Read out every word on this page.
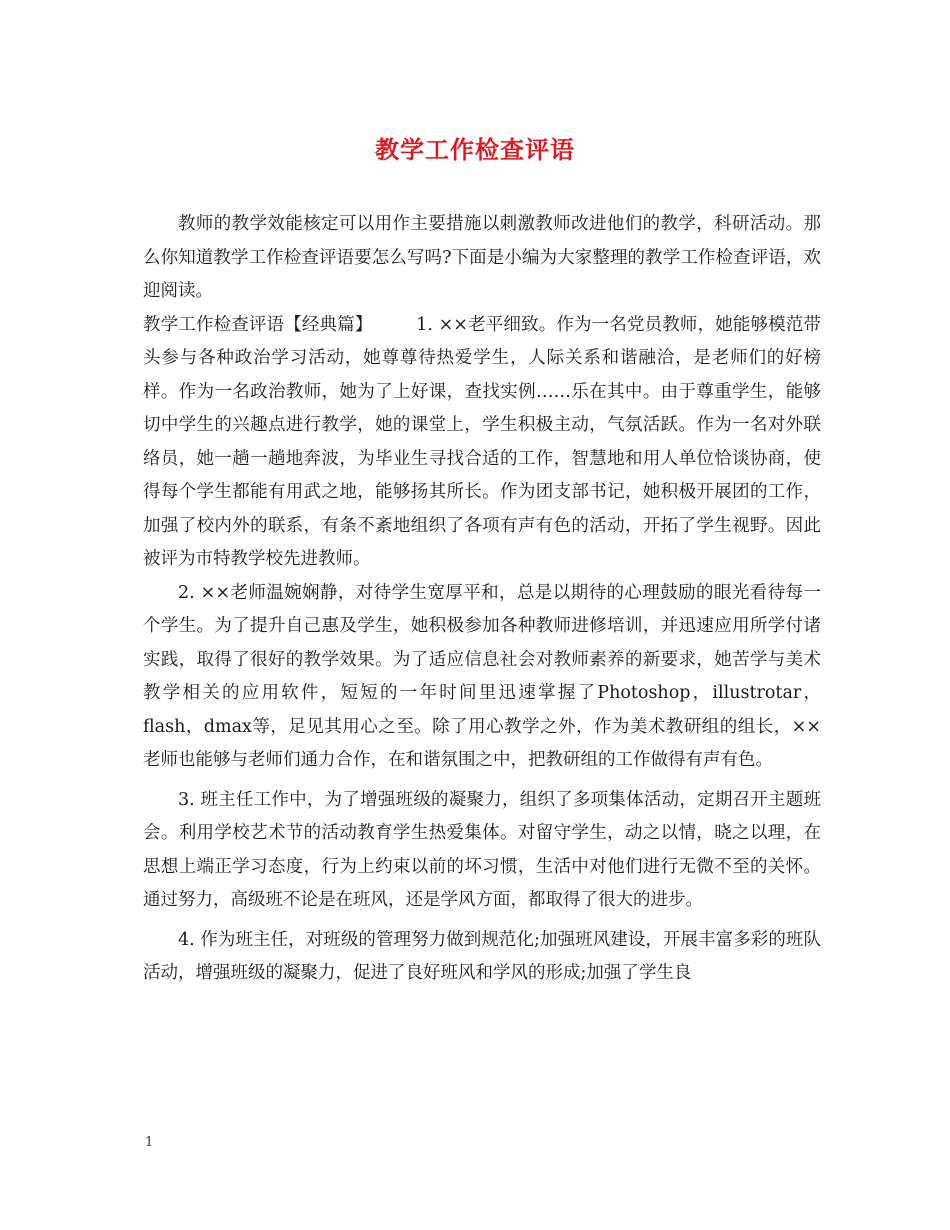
教学工作检查评语

教师的教学效能核定可以用作主要措施以刺激教师改进他们的教学，科研活动。那么你知道教学工作检查评语要怎么写吗?下面是小编为大家整理的教学工作检查评语，欢迎阅读。

教学工作检查评语【经典篇】	1. ××老平细致。作为一名党员教师，她能够模范带头参与各种政治学习活动，她尊尊待热爱学生，人际关系和谐融洽，是老师们的好榜样。作为一名政治教师，她为了上好课，查找实例……乐在其中。由于尊重学生，能够切中学生的兴趣点进行教学，她的课堂上，学生积极主动，气氛活跃。作为一名对外联络员，她一趟一趟地奔波，为毕业生寻找合适的工作，智慧地和用人单位恰谈协商，使得每个学生都能有用武之地，能够扬其所长。作为团支部书记，她积极开展团的工作，加强了校内外的联系，有条不紊地组织了各项有声有色的活动，开拓了学生视野。因此被评为市特教学校先进教师。

2. ××老师温婉娴静，对待学生宽厚平和，总是以期待的心理鼓励的眼光看待每一个学生。为了提升自己惠及学生，她积极参加各种教师进修培训，并迅速应用所学付诸实践，取得了很好的教学效果。为了适应信息社会对教师素养的新要求，她苦学与美术教学相关的应用软件，短短的一年时间里迅速掌握了Photoshop，illustrotar，flash，dmax等，足见其用心之至。除了用心教学之外，作为美术教研组的组长，××老师也能够与老师们通力合作，在和谐氛围之中，把教研组的工作做得有声有色。

3. 班主任工作中，为了增强班级的凝聚力，组织了多项集体活动，定期召开主题班会。利用学校艺术节的活动教育学生热爱集体。对留守学生，动之以情，晓之以理，在思想上端正学习态度，行为上约束以前的坏习惯，生活中对他们进行无微不至的关怀。通过努力，高级班不论是在班风，还是学风方面，都取得了很大的进步。

4. 作为班主任，对班级的管理努力做到规范化;加强班风建设，开展丰富多彩的班队活动，增强班级的凝聚力，促进了良好班风和学风的形成;加强了学生良

1
